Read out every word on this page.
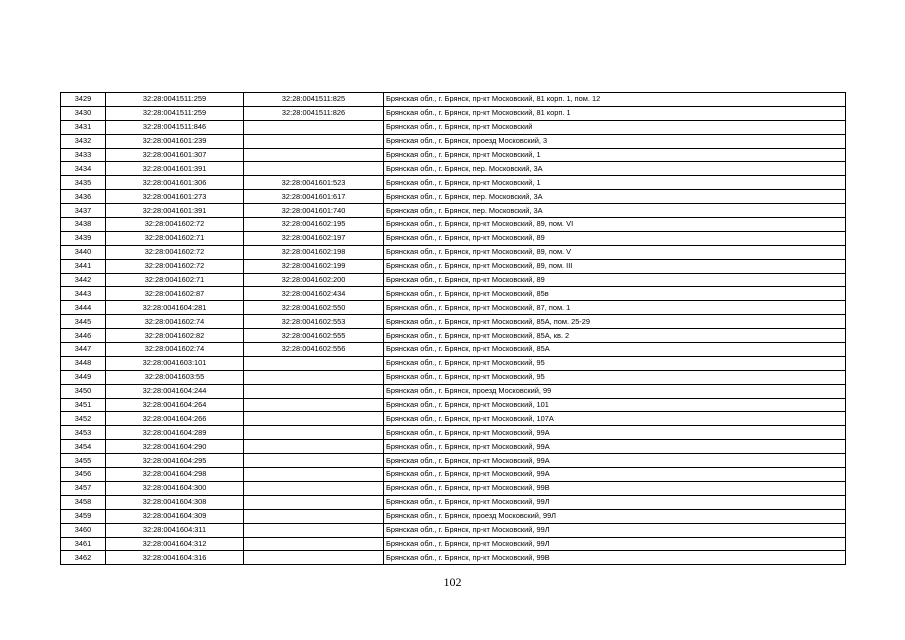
3429	32:28:0041511:259	32:28:0041511:825	Брянская обл., г. Брянск, пр-кт Московский, 81 корп. 1, пом. 12
3430	32:28:0041511:259	32:28:0041511:826	Брянская обл., г. Брянск, пр-кт Московский, 81 корп. 1
3431	32:28:0041511:846		Брянская обл., г. Брянск, пр-кт Московский
3432	32:28:0041601:239		Брянская обл., г. Брянск, проезд Московский, 3
3433	32:28:0041601:307		Брянская обл., г. Брянск, пр-кт Московский, 1
3434	32:28:0041601:391		Брянская обл., г. Брянск, пер. Московский, 3А
3435	32:28:0041601:306	32:28:0041601:523	Брянская обл., г. Брянск, пр-кт Московский, 1
3436	32:28:0041601:273	32:28:0041601:617	Брянская обл., г. Брянск, пер. Московский, 3А
3437	32:28:0041601:391	32:28:0041601:740	Брянская обл., г. Брянск, пер. Московский, 3А
3438	32:28:0041602:72	32:28:0041602:195	Брянская обл., г. Брянск, пр-кт Московский, 89, пом. VI
3439	32:28:0041602:71	32:28:0041602:197	Брянская обл., г. Брянск, пр-кт Московский, 89
3440	32:28:0041602:72	32:28:0041602:198	Брянская обл., г. Брянск, пр-кт Московский, 89, пом. V
3441	32:28:0041602:72	32:28:0041602:199	Брянская обл., г. Брянск, пр-кт Московский, 89, пом. III
3442	32:28:0041602:71	32:28:0041602:200	Брянская обл., г. Брянск, пр-кт Московский, 89
3443	32:28:0041602:87	32:28:0041602:434	Брянская обл., г. Брянск, пр-кт Московский, 85в
3444	32:28:0041604:281	32:28:0041602:550	Брянская обл., г. Брянск, пр-кт Московский, 87, пом. 1
3445	32:28:0041602:74	32:28:0041602:553	Брянская обл., г. Брянск, пр-кт Московский, 85А, пом. 25-29
3446	32:28:0041602:82	32:28:0041602:555	Брянская обл., г. Брянск, пр-кт Московский, 85А, кв. 2
3447	32:28:0041602:74	32:28:0041602:556	Брянская обл., г. Брянск, пр-кт Московский, 85А
3448	32:28:0041603:101		Брянская обл., г. Брянск, пр-кт Московский, 95
3449	32:28:0041603:55		Брянская обл., г. Брянск, пр-кт Московский, 95
3450	32:28:0041604:244		Брянская обл., г. Брянск, проезд Московский, 99
3451	32:28:0041604:264		Брянская обл., г. Брянск, пр-кт Московский, 101
3452	32:28:0041604:266		Брянская обл., г. Брянск, пр-кт Московский, 107А
3453	32:28:0041604:289		Брянская обл., г. Брянск, пр-кт Московский, 99А
3454	32:28:0041604:290		Брянская обл., г. Брянск, пр-кт Московский, 99А
3455	32:28:0041604:295		Брянская обл., г. Брянск, пр-кт Московский, 99А
3456	32:28:0041604:298		Брянская обл., г. Брянск, пр-кт Московский, 99А
3457	32:28:0041604:300		Брянская обл., г. Брянск, пр-кт Московский, 99В
3458	32:28:0041604:308		Брянская обл., г. Брянск, пр-кт Московский, 99Л
3459	32:28:0041604:309		Брянская обл., г. Брянск, проезд Московский, 99Л
3460	32:28:0041604:311		Брянская обл., г. Брянск, пр-кт Московский, 99Л
3461	32:28:0041604:312		Брянская обл., г. Брянск, пр-кт Московский, 99Л
3462	32:28:0041604:316		Брянская обл., г. Брянск, пр-кт Московский, 99В
102
